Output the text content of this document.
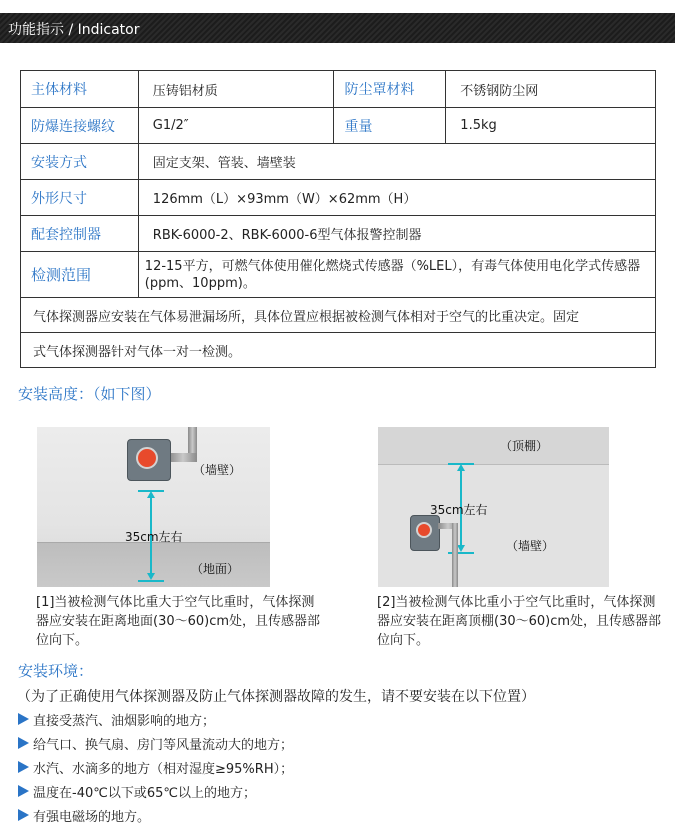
功能指示 / Indicator
主体材料	压铸铝材质	防尘罩材料	不锈钢防尘网
防爆连接螺纹	G1/2″	重量	1.5kg
安装方式	固定支架、管装、墙壁装		
外形尺寸	126mm（L）×93mm（W）×62mm（H）		
配套控制器	RBK-6000-2、RBK-6000-6型气体报警控制器		
检测范围	12-15平方，可燃气体使用催化燃烧式传感器（%LEL），有毒气体使用电化学式传感器(ppm、10ppm)。		
气体探测器应安装在气体易泄漏场所，具体位置应根据被检测气体相对于空气的比重决定。固定			
式气体探测器针对气体一对一检测。			
安装高度：（如下图）
（墙壁）
35cm左右
（地面）
（顶棚）
35cm左右
（墙壁）
[1]当被检测气体比重大于空气比重时，气体探测器应安装在距离地面(30～60)cm处，且传感器部位向下。
[2]当被检测气体比重小于空气比重时，气体探测器应安装在距离顶棚(30～60)cm处，且传感器部位向下。
安装环境：
（为了正确使用气体探测器及防止气体探测器故障的发生，请不要安装在以下位置）
直接受蒸汽、油烟影响的地方；
给气口、换气扇、房门等风量流动大的地方；
水汽、水滴多的地方（相对湿度≥95%RH）；
温度在-40℃以下或65℃以上的地方；
有强电磁场的地方。
